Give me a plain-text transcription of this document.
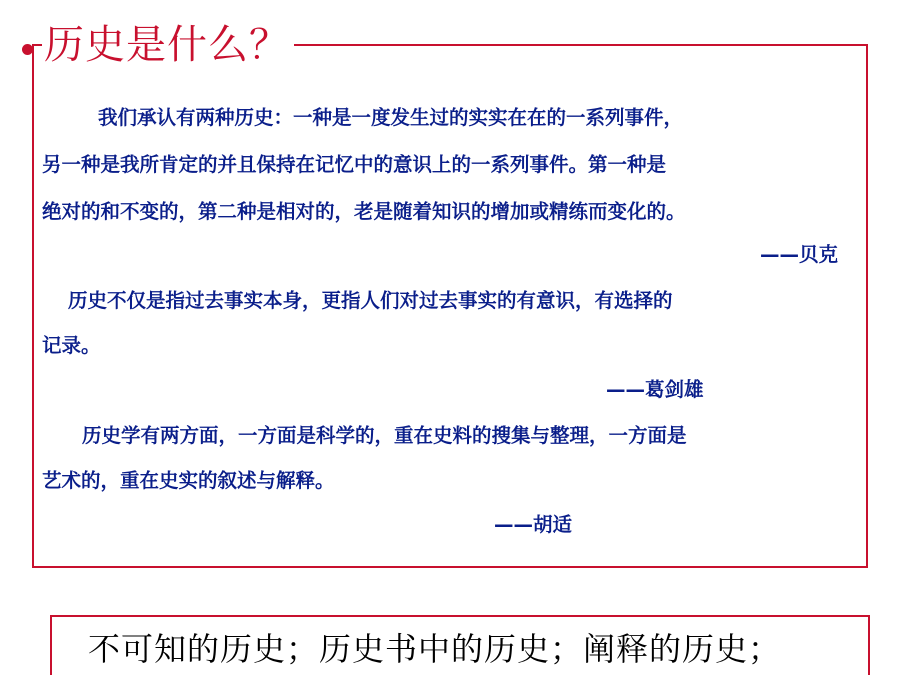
历史是什么？
我们承认有两种历史：一种是一度发生过的实实在在的一系列事件，
另一种是我所肯定的并且保持在记忆中的意识上的一系列事件。第一种是
绝对的和不变的，第二种是相对的，老是随着知识的增加或精练而变化的。
——贝克
历史不仅是指过去事实本身，更指人们对过去事实的有意识，有选择的
记录。
——葛剑雄
历史学有两方面，一方面是科学的，重在史料的搜集与整理，一方面是
艺术的，重在史实的叙述与解释。
——胡适
不可知的历史；历史书中的历史；阐释的历史；
